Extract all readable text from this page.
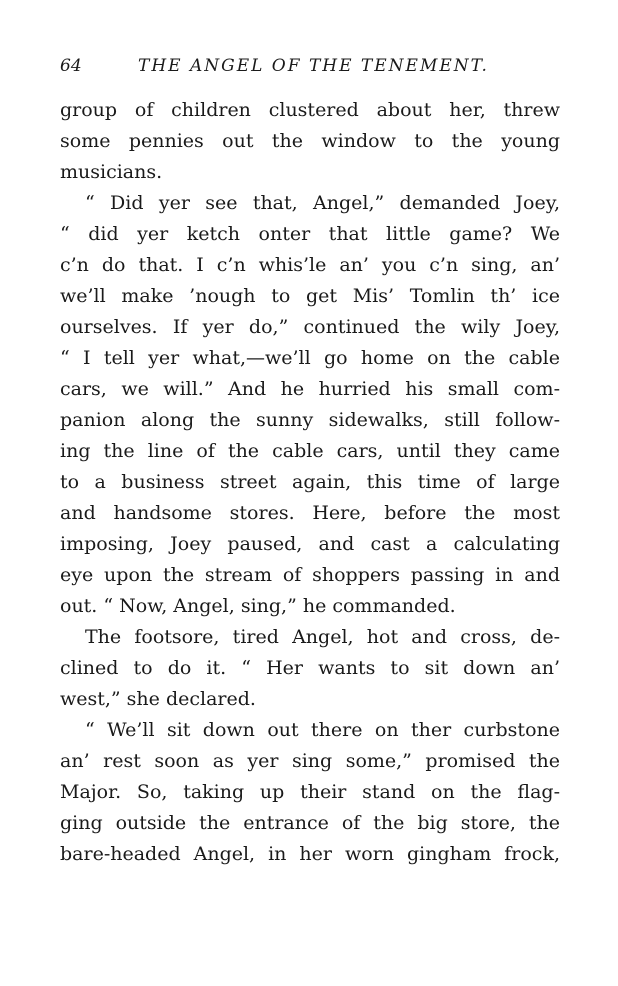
64	THE ANGEL OF THE TENEMENT.
group of children clustered about her, threw
some pennies out the window to the young
musicians.
“ Did yer see that, Angel,” demanded Joey,
“ did yer ketch onter that little game? We
c’n do that. I c’n whis’le an’ you c’n sing, an’
we’ll make ’nough to get Mis’ Tomlin th’ ice
ourselves. If yer do,” continued the wily Joey,
“ I tell yer what,—we’ll go home on the cable
cars, we will.” And he hurried his small com-
panion along the sunny sidewalks, still follow-
ing the line of the cable cars, until they came
to a business street again, this time of large
and handsome stores. Here, before the most
imposing, Joey paused, and cast a calculating
eye upon the stream of shoppers passing in and
out. “ Now, Angel, sing,” he commanded.
The footsore, tired Angel, hot and cross, de-
clined to do it. “ Her wants to sit down an’
west,” she declared.
“ We’ll sit down out there on ther curbstone
an’ rest soon as yer sing some,” promised the
Major. So, taking up their stand on the flag-
ging outside the entrance of the big store, the
bare-headed Angel, in her worn gingham frock,
